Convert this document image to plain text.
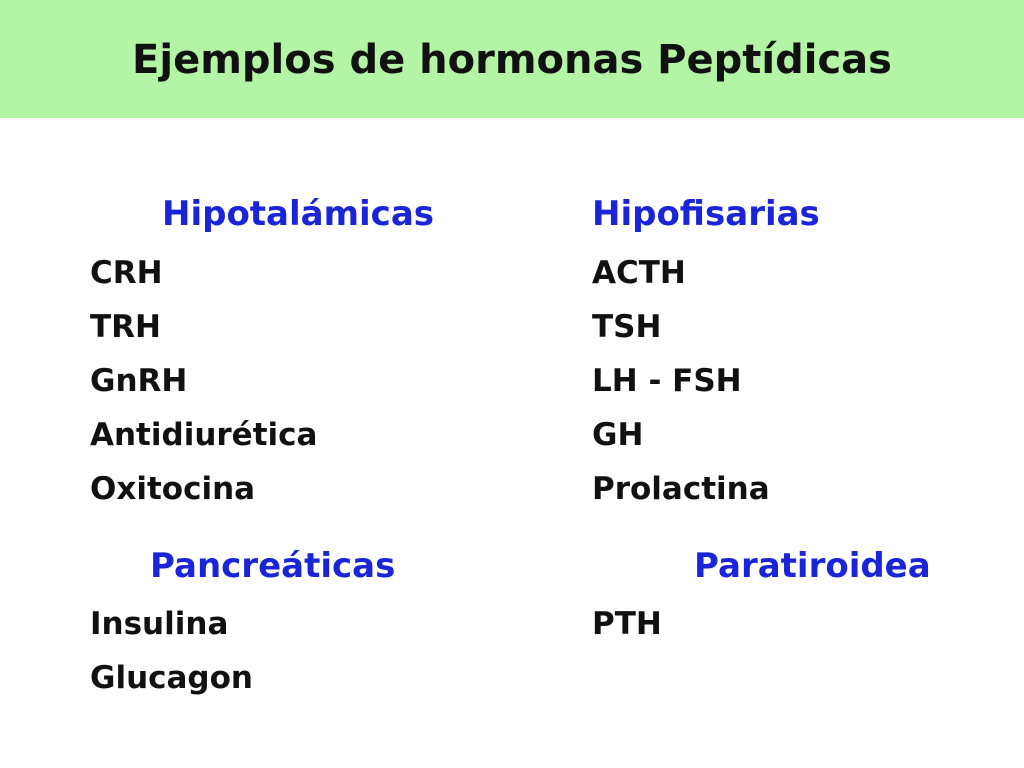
Ejemplos de hormonas Peptídicas
Hipotalámicas
CRH
TRH
GnRH
Antidiurética
Oxitocina
Hipofisarias
ACTH
TSH
LH - FSH
GH
Prolactina
Pancreáticas
Insulina
Glucagon
Paratiroidea
PTH
